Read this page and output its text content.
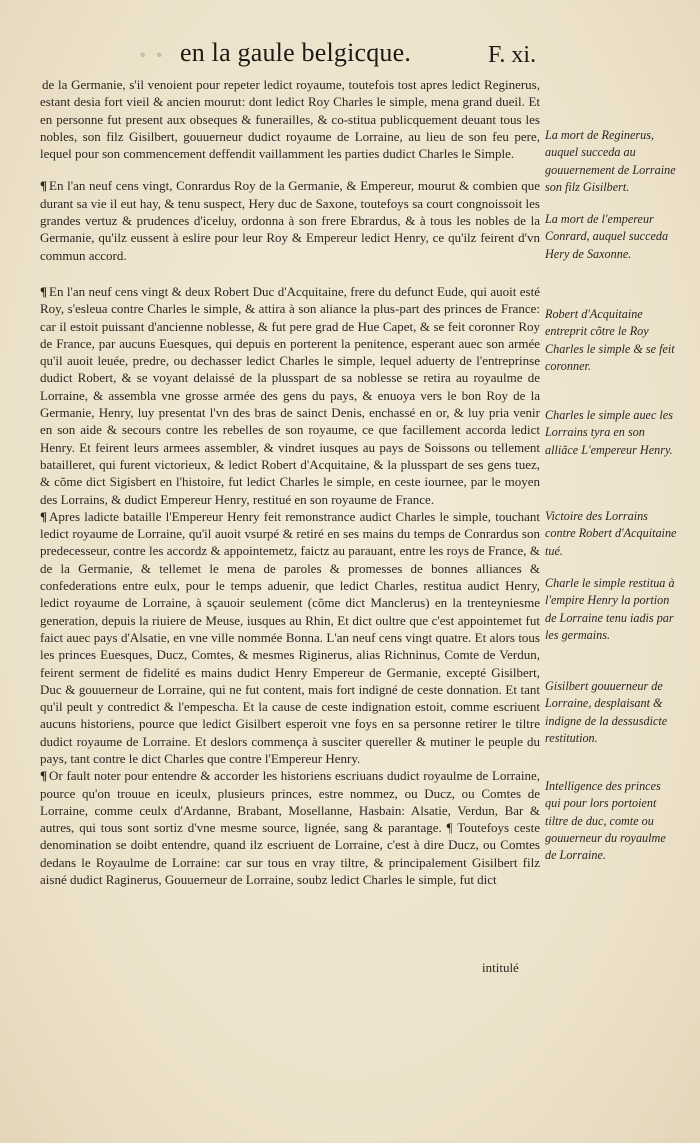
• • en la gaule belgicque.	F. xi.

de la Germanie, s'il venoient pour repeter ledict royaume, toutefois tost apres ledict Reginerus, estant desia fort vieil & ancien mourut: dont ledict Roy Charles le simple, mena grand dueil. Et en personne fut present aux obseques & funerailles, & co-stitua publicquement deuant tous les nobles, son filz Gisilbert, gouuerneur dudict royaume de Lorraine, au lieu de son feu pere, lequel pour son commencement deffendit vaillamment les parties dudict Charles le Simple.

¶ En l'an neuf cens vingt, Conrardus Roy de la Germanie, & Empereur, mourut & combien que durant sa vie il eut hay, & tenu suspect, Hery duc de Saxone, toutefoys sa court congnoissoit les grandes vertuz & prudences d'iceluy, ordonna à son frere Ebrardus, & à tous les nobles de la Germanie, qu'ilz eussent à eslire pour leur Roy & Empereur ledict Henry, ce qu'ilz feirent d'vn commun accord.

¶ En l'an neuf cens vingt & deux Robert Duc d'Acquitaine, frere du defunct Eude, qui auoit esté Roy, s'esleua contre Charles le simple, & attira à son aliance la plus-part des princes de France: car il estoit puissant d'ancienne noblesse, & fut pere grad de Hue Capet, & se feit coronner Roy de France, par aucuns Euesques, qui depuis en porterent la penitence, esperant auec son armée qu'il auoit leuée, predre, ou dechasser ledict Charles le simple, lequel aduerty de l'entreprinse dudict Robert, & se voyant delaissé de la plusspart de sa noblesse se retira au royaulme de Lorraine, & assembla vne grosse armée des gens du pays, & enuoya vers le bon Roy de la Germanie, Henry, luy presentat l'vn des bras de sainct Denis, enchassé en or, & luy pria venir en son aide & secours contre les rebelles de son royaume, ce que facillement accorda ledict Henry. Et feirent leurs armees assembler, & vindret iusques au pays de Soissons ou tellement batailleret, qui furent victorieux, & ledict Robert d'Acquitaine, & la plusspart de ses gens tuez, & cõme dict Sigisbert en l'histoire, fut ledict Charles le simple, en ceste iournee, par le moyen des Lorrains, & dudict Empereur Henry, restitué en son royaume de France.

¶ Apres ladicte bataille l'Empereur Henry feit remonstrance audict Charles le simple, touchant ledict royaume de Lorraine, qu'il auoit vsurpé & retiré en ses mains du temps de Conrardus son predecesseur, contre les accordz & appointemetz, faictz au parauant, entre les roys de France, & de la Germanie, & tellemet le mena de paroles & promesses de bonnes alliances & confederations entre eulx, pour le temps aduenir, que ledict Charles, restitua audict Henry, ledict royaume de Lorraine, à sçauoir seulement (cõme dict Manclerus) en la trenteyniesme generation, depuis la riuiere de Meuse, iusques au Rhin, Et dict oultre que c'est appointemet fut faict auec pays d'Alsatie, en vne ville nommée Bonna. L'an neuf cens vingt quatre. Et alors tous les princes Euesques, Ducz, Comtes, & mesmes Riginerus, alias Richninus, Comte de Verdun, feirent serment de fidelité es mains dudict Henry Empereur de Germanie, excepté Gisilbert, Duc & gouuerneur de Lorraine, qui ne fut content, mais fort indigné de ceste donnation. Et tant qu'il peult y contredict & l'empescha. Et la cause de ceste indignation estoit, comme escriuent aucuns historiens, pource que ledict Gisilbert esperoit vne foys en sa personne retirer le tiltre dudict royaume de Lorraine. Et deslors commença à susciter quereller & mutiner le peuple du pays, tant contre le dict Charles que contre l'Empereur Henry.

¶ Or fault noter pour entendre & accorder les historiens escriuans dudict royaulme de Lorraine, pource qu'on trouue en iceulx, plusieurs princes, estre nommez, ou Ducz, ou Comtes de Lorraine, comme ceulx d'Ardanne, Brabant, Mosellanne, Hasbain: Alsatie, Verdun, Bar & autres, qui tous sont sortiz d'vne mesme source, lignée, sang & parantage. ¶ Toutefoys ceste denomination se doibt entendre, quand ilz escriuent de Lorraine, c'est à dire Ducz, ou Comtes dedans le Royaulme de Lorraine: car sur tous en vray tiltre, & principalement Gisilbert filz aisné dudict Raginerus, Gouuerneur de Lorraine, soubz ledict Charles le simple, fut dict

La mort de Reginerus, auquel succeda au gouuernement de Lorraine son filz Gisilbert.

La mort de l'empereur Conrard, auquel succeda Hery de Saxonne.

Robert d'Acquitaine entreprit cõtre le Roy Charles le simple & se feit coronner.

Charles le simple auec les Lorrains tyra en son alliãce L'empereur Henry.

Victoire des Lorrains contre Robert d'Acquitaine tué.

Charle le simple restitua à l'empire Henry la portion de Lorraine tenu iadis par les germains.

Gisilbert gouuerneur de Lorraine, desplaisant & indigne de la dessusdicte restitution.

Intelligence des princes qui pour lors portoient tiltre de duc, comte ou gouuerneur du royaulme de Lorraine.

intitulé
